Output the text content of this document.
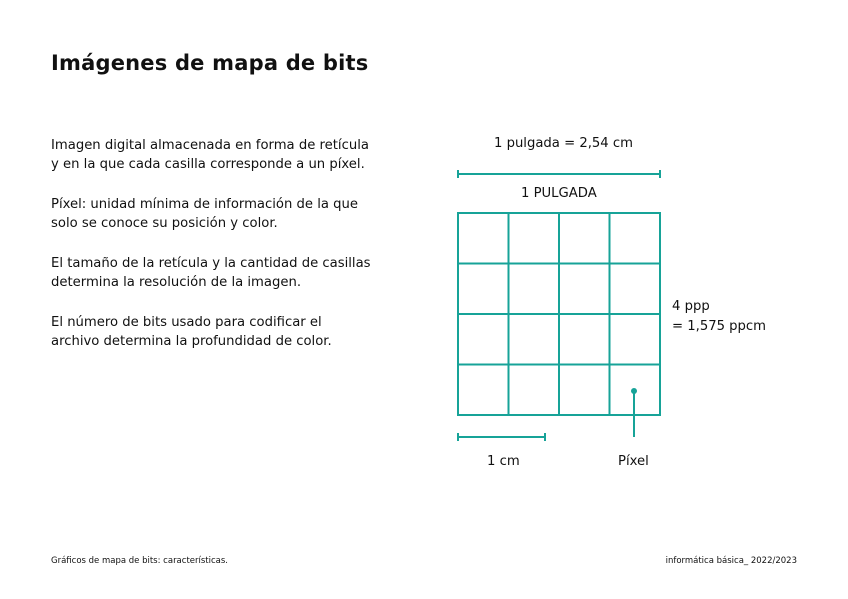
Imágenes de mapa de bits

Imagen digital almacenada en forma de retícula
y en la que cada casilla corresponde a un píxel.

Píxel: unidad mínima de información de la que
solo se conoce su posición y color.

El tamaño de la retícula y la cantidad de casillas
determina la resolución de la imagen.

El número de bits usado para codificar el
archivo determina la profundidad de color.

1 pulgada = 2,54 cm
1 PULGADA
4 ppp
= 1,575 ppcm
1 cm	Píxel
Gráficos de mapa de bits: características.	informática básica_ 2022/2023
